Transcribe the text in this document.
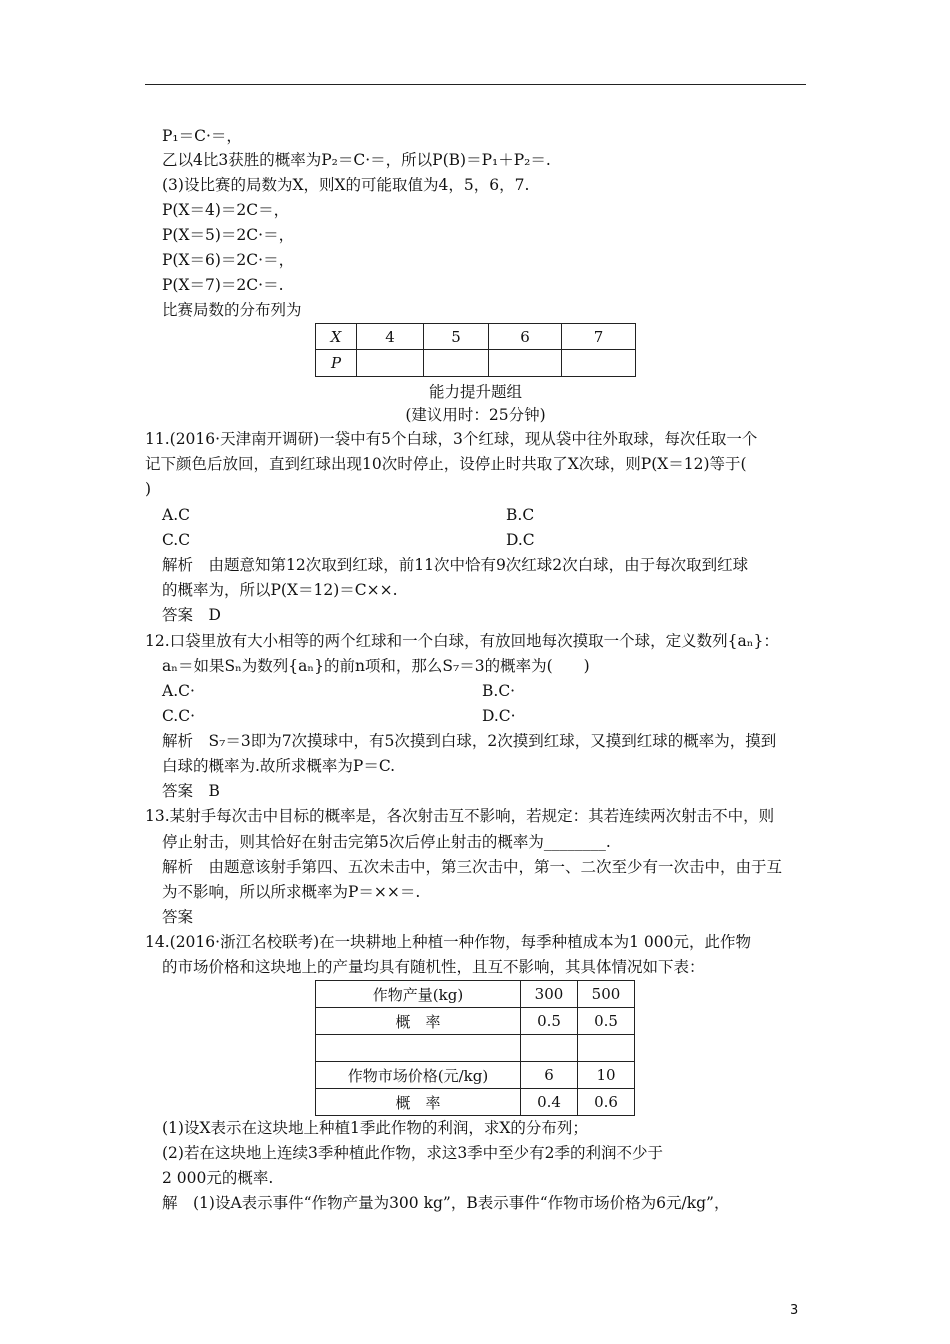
P₁＝C·＝，
乙以4比3获胜的概率为P₂＝C·＝，所以P(B)＝P₁＋P₂＝.
(3)设比赛的局数为X，则X的可能取值为4，5，6，7.
P(X＝4)＝2C＝，
P(X＝5)＝2C·＝，
P(X＝6)＝2C·＝，
P(X＝7)＝2C·＝.
比赛局数的分布列为
X	4	5	6	7
P				
能力提升题组
(建议用时：25分钟)
11.(2016·天津南开调研)一袋中有5个白球，3个红球，现从袋中往外取球，每次任取一个
记下颜色后放回，直到红球出现10次时停止，设停止时共取了X次球，则P(X＝12)等于(
)
A.C	B.C
C.C	D.C
解析　由题意知第12次取到红球，前11次中恰有9次红球2次白球，由于每次取到红球
的概率为，所以P(X＝12)＝C××.
答案　D
12.口袋里放有大小相等的两个红球和一个白球，有放回地每次摸取一个球，定义数列{aₙ}：
aₙ＝如果Sₙ为数列{aₙ}的前n项和，那么S₇＝3的概率为(　　)
A.C·	B.C·
C.C·	D.C·
解析　S₇＝3即为7次摸球中，有5次摸到白球，2次摸到红球，又摸到红球的概率为，摸到
白球的概率为.故所求概率为P＝C.
答案　B
13.某射手每次击中目标的概率是，各次射击互不影响，若规定：其若连续两次射击不中，则
停止射击，则其恰好在射击完第5次后停止射击的概率为________.
解析　由题意该射手第四、五次未击中，第三次击中，第一、二次至少有一次击中，由于互
为不影响，所以所求概率为P＝××＝.
答案
14.(2016·浙江名校联考)在一块耕地上种植一种作物，每季种植成本为1 000元，此作物
的市场价格和这块地上的产量均具有随机性，且互不影响，其具体情况如下表：
作物产量(kg)	300	500
概　率	0.5	0.5

作物市场价格(元/kg)	6	10
概　率	0.4	0.6
(1)设X表示在这块地上种植1季此作物的利润，求X的分布列；
(2)若在这块地上连续3季种植此作物，求这3季中至少有2季的利润不少于
2 000元的概率.
解　(1)设A表示事件“作物产量为300 kg”，B表示事件“作物市场价格为6元/kg”，
3
